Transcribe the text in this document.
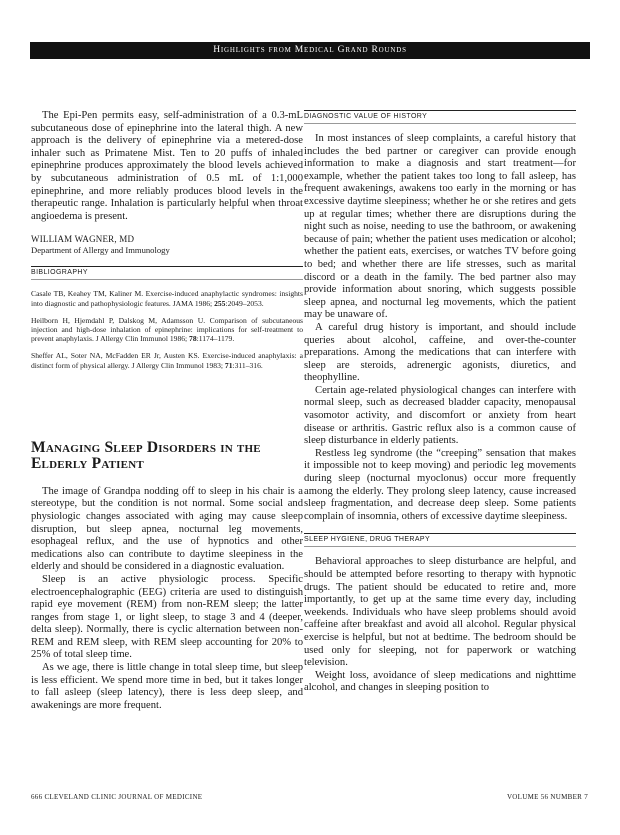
Highlights from Medical Grand Rounds

The Epi-Pen permits easy, self-administration of a 0.3-mL subcutaneous dose of epinephrine into the lateral thigh. A new approach is the delivery of epinephrine via a metered-dose inhaler such as Primatene Mist. Ten to 20 puffs of inhaled epinephrine produces approximately the blood levels achieved by subcutaneous administration of 0.5 mL of 1:1,000 epinephrine, and more reliably produces blood levels in the therapeutic range. Inhalation is particularly helpful when throat angioedema is present.

WILLIAM WAGNER, MD
Department of Allergy and Immunology
BIBLIOGRAPHY
Casale TB, Keahey TM, Kaliner M. Exercise-induced anaphylactic syndromes: insights into diagnostic and pathophysiologic features. JAMA 1986; 255:2049–2053.
Heilborn H, Hjemdahl P, Dalskog M, Adamsson U. Comparison of subcutaneous injection and high-dose inhalation of epinephrine: implications for self-treatment to prevent anaphylaxis. J Allergy Clin Immunol 1986; 78:1174–1179.
Sheffer AL, Soter NA, McFadden ER Jr, Austen KS. Exercise-induced anaphylaxis: a distinct form of physical allergy. J Allergy Clin Immunol 1983; 71:311–316.
Managing Sleep Disorders in the Elderly Patient

The image of Grandpa nodding off to sleep in his chair is a stereotype, but the condition is not normal. Some social and physiologic changes associated with aging may cause sleep disruption, but sleep apnea, nocturnal leg movements, esophageal reflux, and the use of hypnotics and other medications also can contribute to daytime sleepiness in the elderly and should be considered in a diagnostic evaluation.

Sleep is an active physiologic process. Specific electroencephalographic (EEG) criteria are used to distinguish rapid eye movement (REM) from non-REM sleep; the latter ranges from stage 1, or light sleep, to stage 3 and 4 (deeper, delta sleep). Normally, there is cyclic alternation between non-REM and REM sleep, with REM sleep accounting for 20% to 25% of total sleep time.

As we age, there is little change in total sleep time, but sleep is less efficient. We spend more time in bed, but it takes longer to fall asleep (sleep latency), there is less deep sleep, and awakenings are more frequent.

DIAGNOSTIC VALUE OF HISTORY

In most instances of sleep complaints, a careful history that includes the bed partner or caregiver can provide enough information to make a diagnosis and start treatment—for example, whether the patient takes too long to fall asleep, has frequent awakenings, awakens too early in the morning or has excessive daytime sleepiness; whether he or she retires and gets up at regular times; whether there are disruptions during the night such as noise, needing to use the bathroom, or awakening because of pain; whether the patient uses medication or alcohol; whether the patient eats, exercises, or watches TV before going to bed; and whether there are life stresses, such as marital discord or a death in the family. The bed partner also may provide information about snoring, which suggests possible sleep apnea, and nocturnal leg movements, which the patient may be unaware of.

A careful drug history is important, and should include queries about alcohol, caffeine, and over-the-counter preparations. Among the medications that can interfere with sleep are steroids, adrenergic agonists, diuretics, and theophylline.

Certain age-related physiological changes can interfere with normal sleep, such as decreased bladder capacity, menopausal vasomotor activity, and discomfort or anxiety from heart disease or arthritis. Gastric reflux also is a common cause of sleep disturbance in elderly patients.

Restless leg syndrome (the “creeping” sensation that makes it impossible not to keep moving) and periodic leg movements during sleep (nocturnal myoclonus) occur more frequently among the elderly. They prolong sleep latency, cause increased sleep fragmentation, and decrease deep sleep. Some patients complain of insomnia, others of excessive daytime sleepiness.

SLEEP HYGIENE, DRUG THERAPY

Behavioral approaches to sleep disturbance are helpful, and should be attempted before resorting to therapy with hypnotic drugs. The patient should be educated to retire and, more importantly, to get up at the same time every day, including weekends. Individuals who have sleep problems should avoid caffeine after breakfast and avoid all alcohol. Regular physical exercise is helpful, but not at bedtime. The bedroom should be used only for sleeping, not for paperwork or watching television.

Weight loss, avoidance of sleep medications and nighttime alcohol, and changes in sleeping position to

666 CLEVELAND CLINIC JOURNAL OF MEDICINE	VOLUME 56 NUMBER 7
